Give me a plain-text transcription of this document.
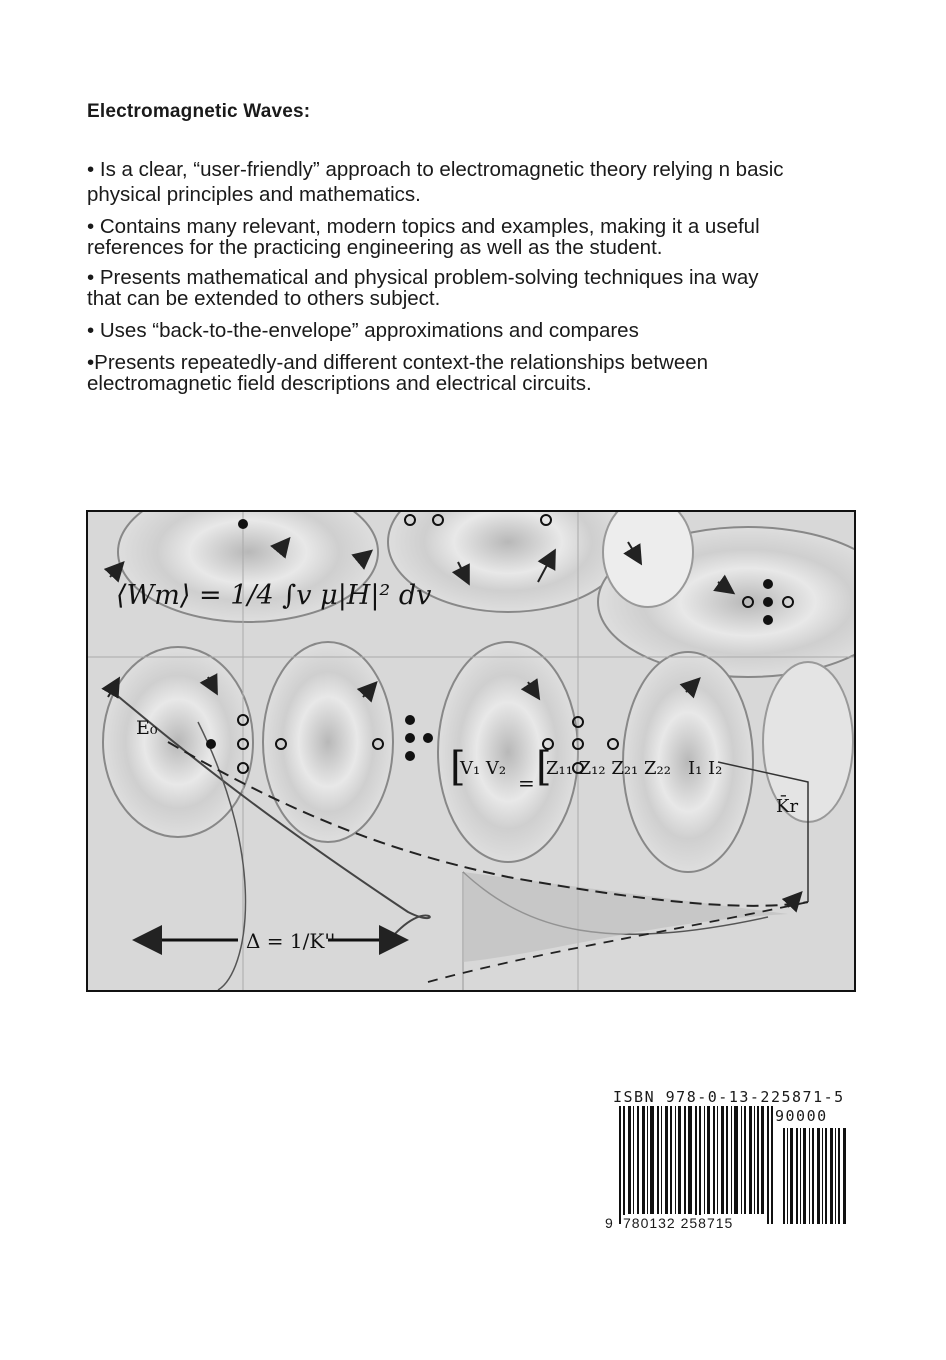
Electromagnetic Waves:

• Is a clear, “user-friendly” approach to electromagnetic theory relying n basic physical principles and mathematics.

• Contains many relevant, modern topics and examples, making it a useful references for the practicing engineering as well as the student.

• Presents mathematical and physical problem-solving techniques ina way that can be extended to others subject.

• Uses “back-to-the-envelope” approximations and compares

•Presents repeatedly-and different context-the relationships between electromagnetic field descriptions and electrical circuits.

⟨Wm⟩ = 1/4 ∫v μ|H|² dv
E₀
[
V₁ V₂
= [
Z₁₁ Z₁₂ Z₂₁ Z₂₂ I₁ I₂
Δ = 1/K''
K̄r
ISBN 978-0-13-225871-5
90000
9 780132 258715
